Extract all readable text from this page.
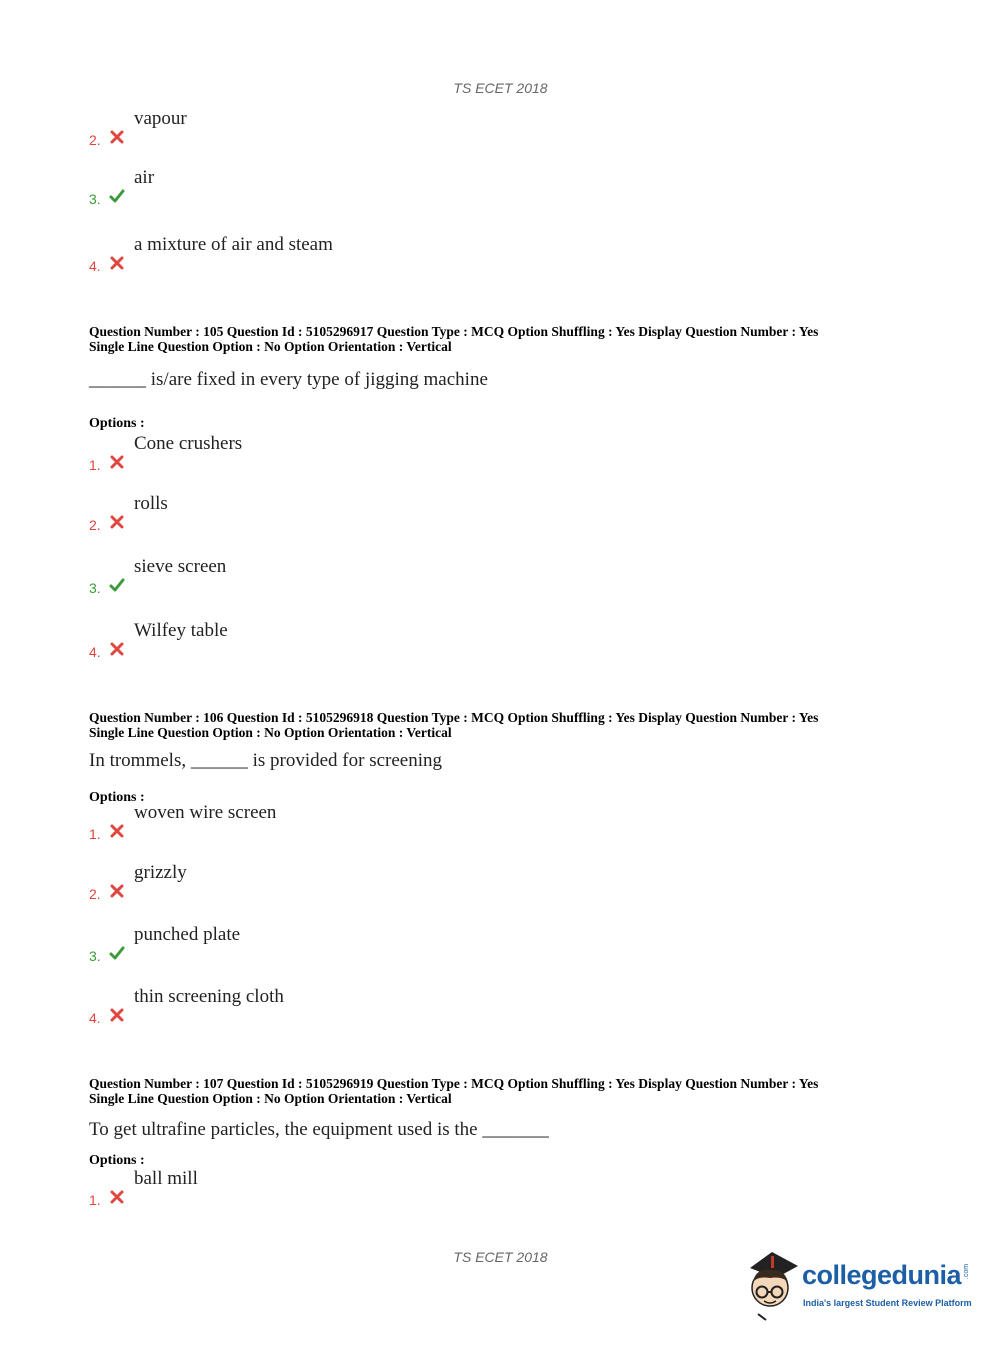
TS ECET 2018
2.
vapour
3.
air
4.
a mixture of air and steam
Question Number : 105 Question Id : 5105296917 Question Type : MCQ Option Shuffling : Yes Display Question Number : Yes
Single Line Question Option : No Option Orientation : Vertical
______ is/are fixed in every type of jigging machine
Options :
1.
Cone crushers
2.
rolls
3.
sieve screen
4.
Wilfey table
Question Number : 106 Question Id : 5105296918 Question Type : MCQ Option Shuffling : Yes Display Question Number : Yes
Single Line Question Option : No Option Orientation : Vertical
In trommels, ______ is provided for screening
Options :
1.
woven wire screen
2.
grizzly
3.
punched plate
4.
thin screening cloth
Question Number : 107 Question Id : 5105296919 Question Type : MCQ Option Shuffling : Yes Display Question Number : Yes
Single Line Question Option : No Option Orientation : Vertical
To get ultrafine particles, the equipment used is the _______
Options :
1.
ball mill
TS ECET 2018
collegedunia .com
India's largest Student Review Platform
